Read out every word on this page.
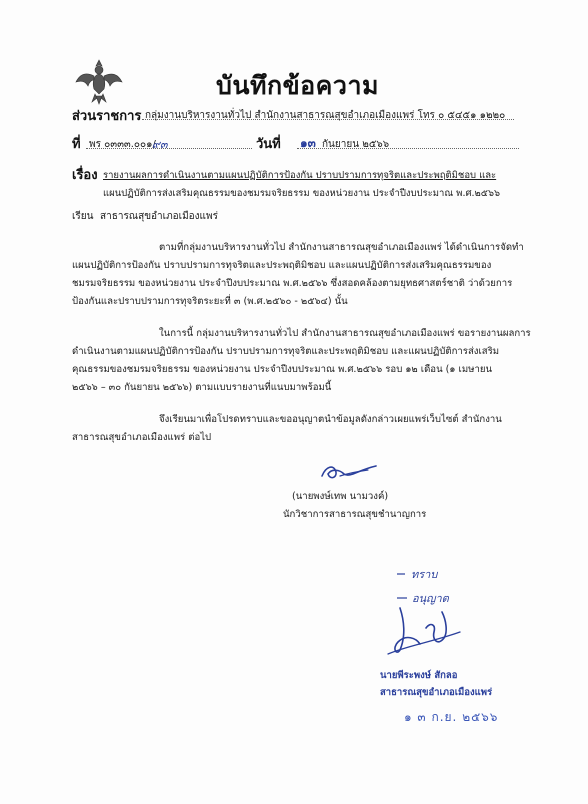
บันทึกข้อความ
ส่วนราชการ กลุ่มงานบริหารงานทั่วไป สำนักงานสาธารณสุขอำเภอเมืองแพร่ โทร ๐ ๕๔๕๑ ๑๒๒๐
ที่ พร ๐๓๓๓.๐๐๑/
๙๓	วันที่ ๑๓ กันยายน ๒๕๖๖
เรื่อง รายงานผลการดำเนินงานตามแผนปฏิบัติการป้องกัน ปราบปรามการทุจริตและประพฤติมิชอบ และ
แผนปฏิบัติการส่งเสริมคุณธรรมของชมรมจริยธรรม ของหน่วยงาน ประจำปีงบประมาณ พ.ศ.๒๕๖๖
เรียน สาธารณสุขอำเภอเมืองแพร่
ตามที่กลุ่มงานบริหารงานทั่วไป สำนักงานสาธารณสุขอำเภอเมืองแพร่ ได้ดำเนินการจัดทำ
แผนปฏิบัติการป้องกัน ปราบปรามการทุจริตและประพฤติมิชอบ และแผนปฏิบัติการส่งเสริมคุณธรรมของ
ชมรมจริยธรรม ของหน่วยงาน ประจำปีงบประมาณ พ.ศ.๒๕๖๖ ซึ่งสอดคล้องตามยุทธศาสตร์ชาติ ว่าด้วยการ
ป้องกันและปราบปรามการทุจริตระยะที่ ๓ (พ.ศ.๒๕๖๐ - ๒๕๖๔) นั้น
ในการนี้ กลุ่มงานบริหารงานทั่วไป สำนักงานสาธารณสุขอำเภอเมืองแพร่ ขอรายงานผลการ
ดำเนินงานตามแผนปฏิบัติการป้องกัน ปราบปรามการทุจริตและประพฤติมิชอบ และแผนปฏิบัติการส่งเสริม
คุณธรรมของชมรมจริยธรรม ของหน่วยงาน ประจำปีงบประมาณ พ.ศ.๒๕๖๖ รอบ ๑๒ เดือน (๑ เมษายน
๒๕๖๖ – ๓๐ กันยายน ๒๕๖๖) ตามแบบรายงานที่แนบมาพร้อมนี้
จึงเรียนมาเพื่อโปรดทราบและขออนุญาตนำข้อมูลดังกล่าวเผยแพร่เว็บไซต์ สำนักงาน
สาธารณสุขอำเภอเมืองแพร่ ต่อไป
(นายพงษ์เทพ นามวงค์)
นักวิชาการสาธารณสุขชำนาญการ
ทราบ
อนุญาต
นายพีระพงษ์ สักลอ
สาธารณสุขอำเภอเมืองแพร่
๑ ๓ ก.ย. ๒๕๖๖
